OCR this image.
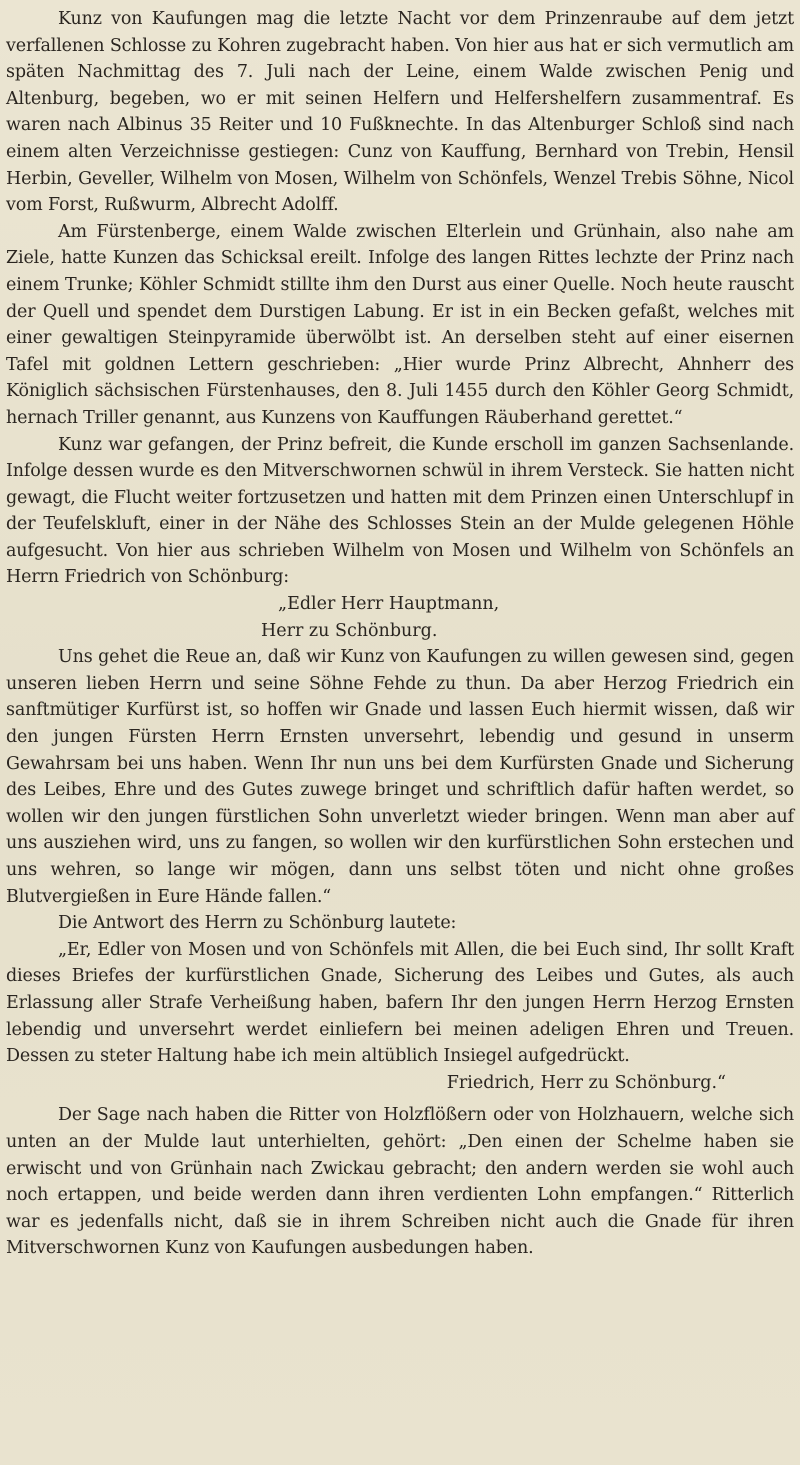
Kunz von Kaufungen mag die letzte Nacht vor dem Prinzenraube auf dem jetzt verfallenen Schlosse zu Kohren zugebracht haben. Von hier aus hat er sich vermutlich am späten Nachmittag des 7. Juli nach der Leine, einem Walde zwischen Penig und Altenburg, begeben, wo er mit seinen Helfern und Helfershelfern zusammentraf. Es waren nach Albinus 35 Reiter und 10 Fußknechte. In das Altenburger Schloß sind nach einem alten Verzeichnisse gestiegen: Cunz von Kauffung, Bernhard von Trebin, Hensil Herbin, Geveller, Wilhelm von Mosen, Wilhelm von Schönfels, Wenzel Trebis Söhne, Nicol vom Forst, Rußwurm, Albrecht Adolff.

Am Fürstenberge, einem Walde zwischen Elterlein und Grünhain, also nahe am Ziele, hatte Kunzen das Schicksal ereilt. Infolge des langen Rittes lechzte der Prinz nach einem Trunke; Köhler Schmidt stillte ihm den Durst aus einer Quelle. Noch heute rauscht der Quell und spendet dem Durstigen Labung. Er ist in ein Becken gefaßt, welches mit einer gewaltigen Steinpyramide überwölbt ist. An derselben steht auf einer eisernen Tafel mit goldnen Lettern geschrieben: „Hier wurde Prinz Albrecht, Ahnherr des Königlich sächsischen Fürstenhauses, den 8. Juli 1455 durch den Köhler Georg Schmidt, hernach Triller genannt, aus Kunzens von Kauffungen Räuberhand gerettet.“

Kunz war gefangen, der Prinz befreit, die Kunde erscholl im ganzen Sachsenlande. Infolge dessen wurde es den Mitverschwornen schwül in ihrem Versteck. Sie hatten nicht gewagt, die Flucht weiter fortzusetzen und hatten mit dem Prinzen einen Unterschlupf in der Teufelskluft, einer in der Nähe des Schlosses Stein an der Mulde gelegenen Höhle aufgesucht. Von hier aus schrieben Wilhelm von Mosen und Wilhelm von Schönfels an Herrn Friedrich von Schönburg:

„Edler Herr Hauptmann,

Herr zu Schönburg.

Uns gehet die Reue an, daß wir Kunz von Kaufungen zu willen gewesen sind, gegen unseren lieben Herrn und seine Söhne Fehde zu thun. Da aber Herzog Friedrich ein sanftmütiger Kurfürst ist, so hoffen wir Gnade und lassen Euch hiermit wissen, daß wir den jungen Fürsten Herrn Ernsten unversehrt, lebendig und gesund in unserm Gewahrsam bei uns haben. Wenn Ihr nun uns bei dem Kurfürsten Gnade und Sicherung des Leibes, Ehre und des Gutes zuwege bringet und schriftlich dafür haften werdet, so wollen wir den jungen fürstlichen Sohn unverletzt wieder bringen. Wenn man aber auf uns ausziehen wird, uns zu fangen, so wollen wir den kurfürstlichen Sohn erstechen und uns wehren, so lange wir mögen, dann uns selbst töten und nicht ohne großes Blutvergießen in Eure Hände fallen.“

Die Antwort des Herrn zu Schönburg lautete:

„Er, Edler von Mosen und von Schönfels mit Allen, die bei Euch sind, Ihr sollt Kraft dieses Briefes der kurfürstlichen Gnade, Sicherung des Leibes und Gutes, als auch Erlassung aller Strafe Verheißung haben, bafern Ihr den jungen Herrn Herzog Ernsten lebendig und unversehrt werdet einliefern bei meinen adeligen Ehren und Treuen. Dessen zu steter Haltung habe ich mein altüblich Insiegel aufgedrückt.

Friedrich, Herr zu Schönburg.“

Der Sage nach haben die Ritter von Holzflößern oder von Holzhauern, welche sich unten an der Mulde laut unterhielten, gehört: „Den einen der Schelme haben sie erwischt und von Grünhain nach Zwickau gebracht; den andern werden sie wohl auch noch ertappen, und beide werden dann ihren verdienten Lohn empfangen.“ Ritterlich war es jedenfalls nicht, daß sie in ihrem Schreiben nicht auch die Gnade für ihren Mitverschwornen Kunz von Kaufungen ausbedungen haben.
